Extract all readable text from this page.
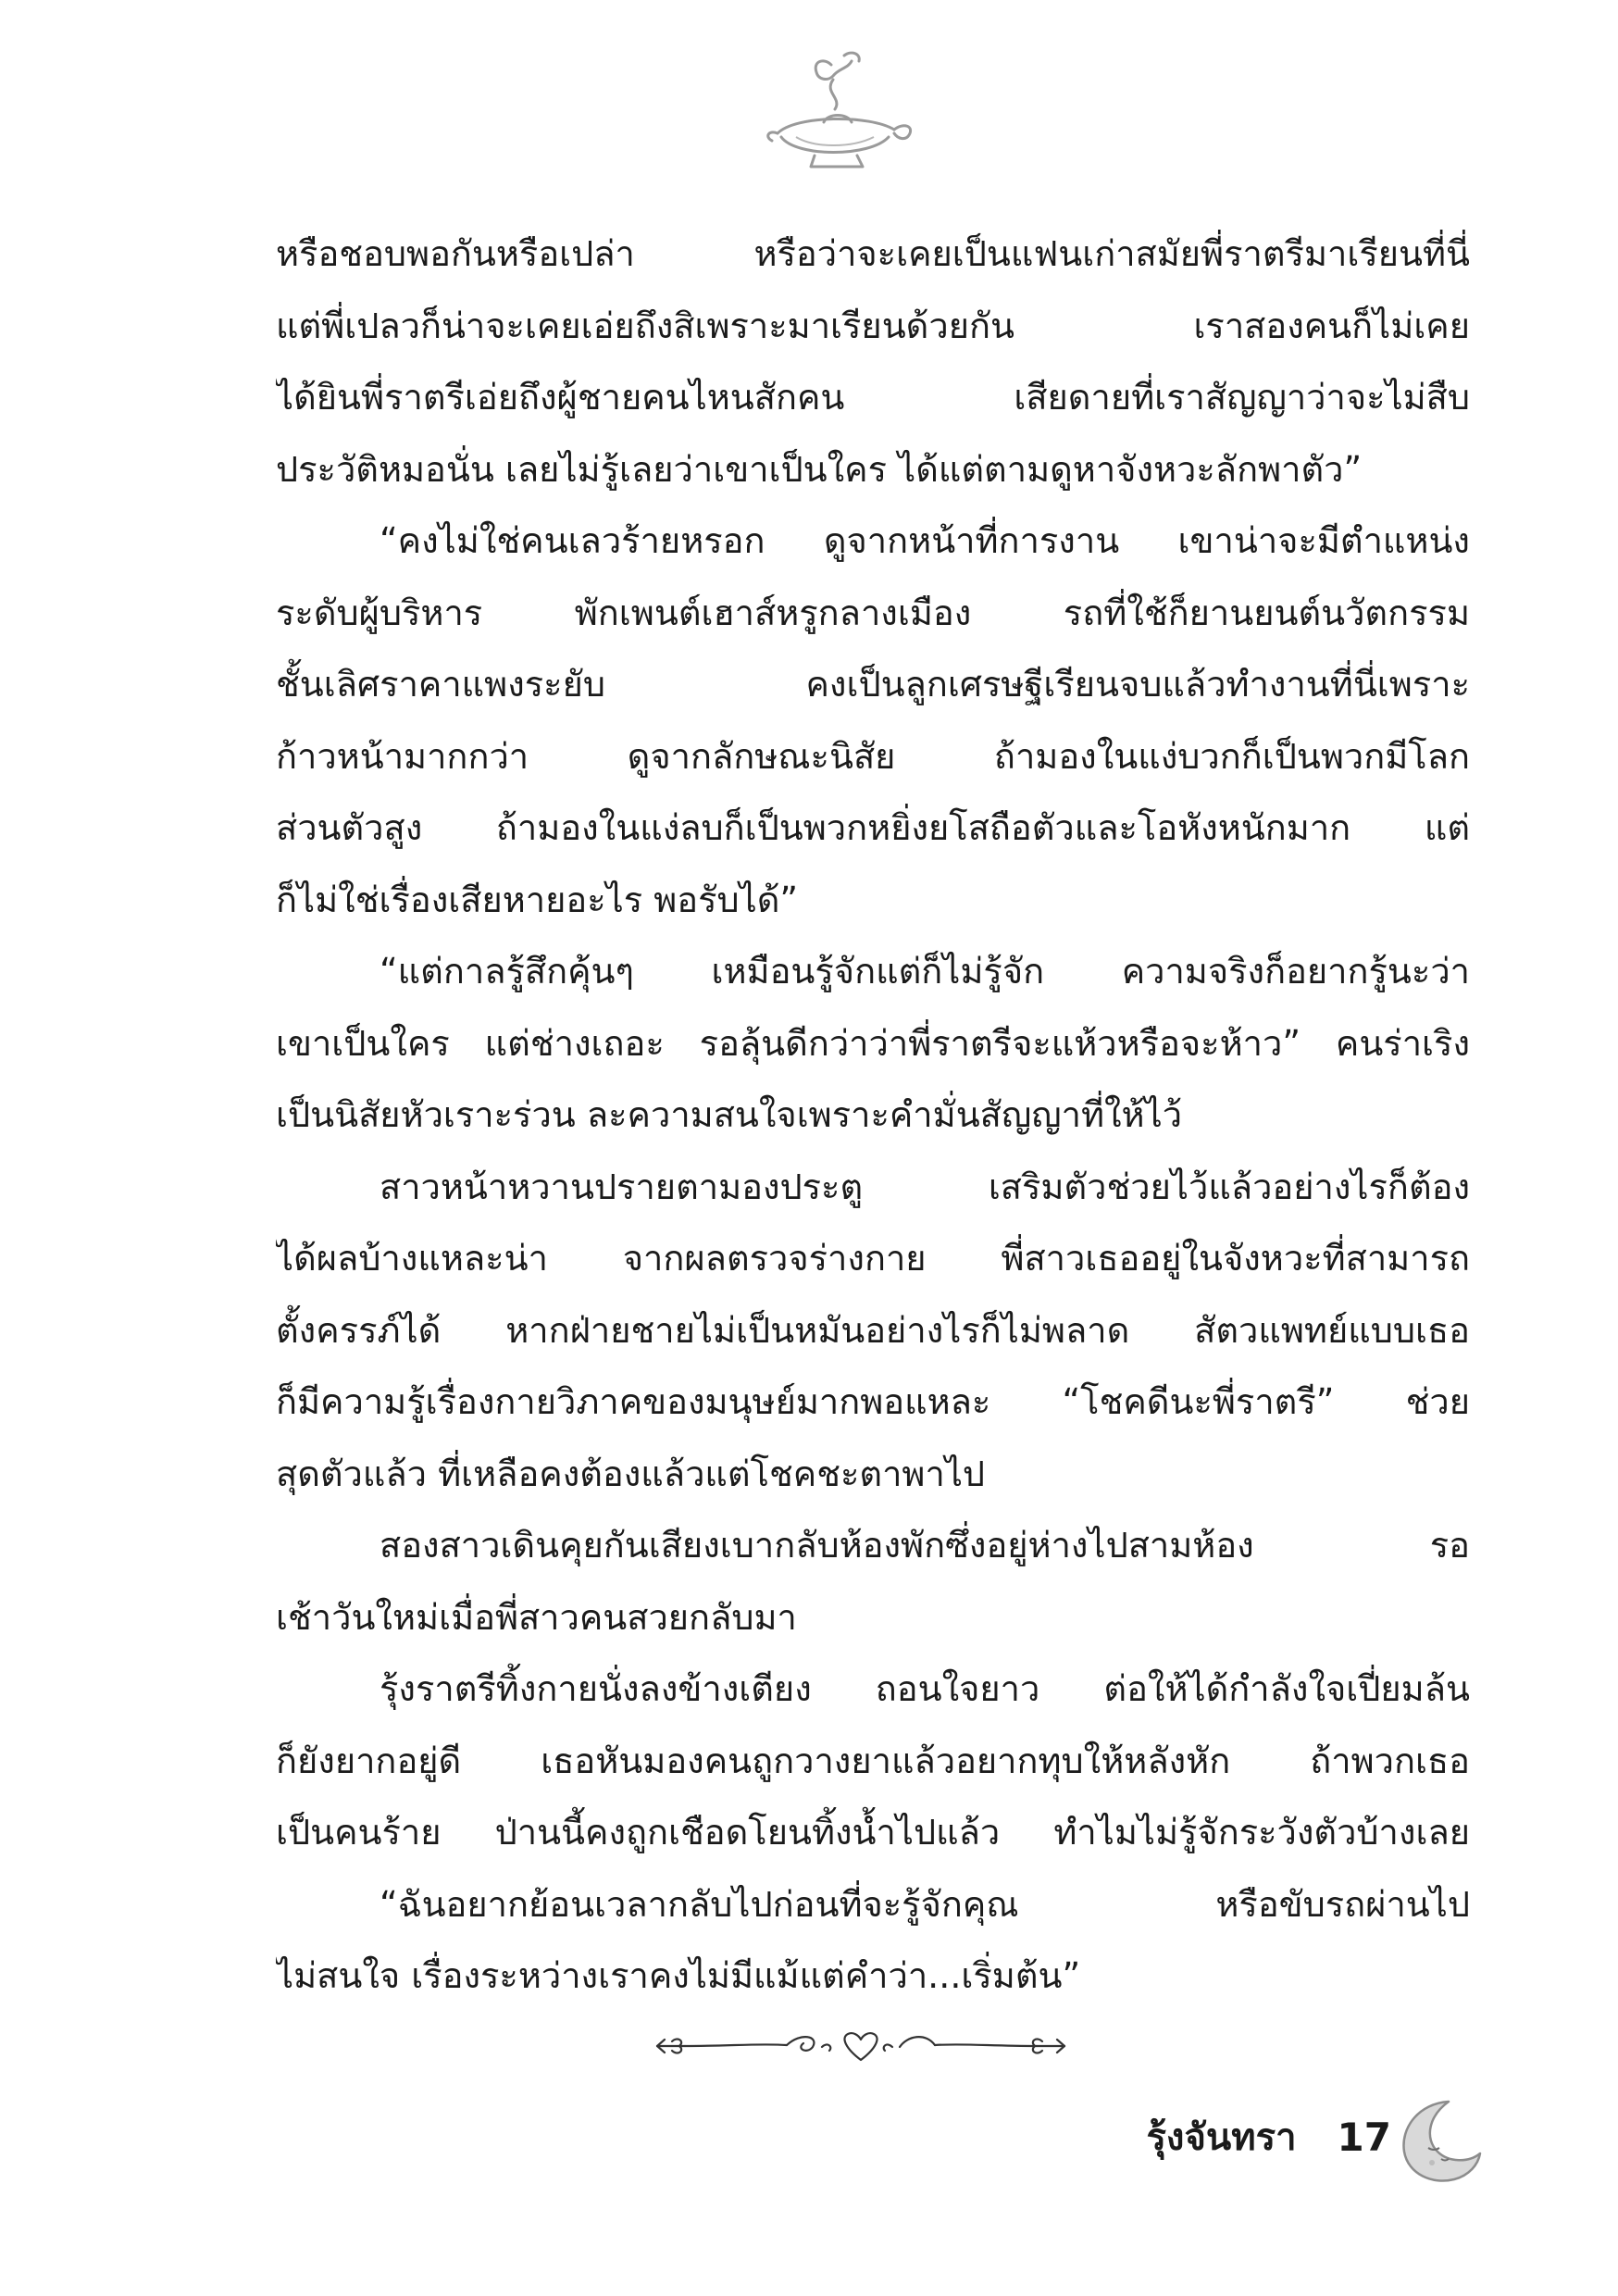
หรือชอบพอกันหรือเปล่า หรือว่าจะเคยเป็นแฟนเก่าสมัยพี่ราตรีมาเรียนที่นี่
แต่พี่เปลวก็น่าจะเคยเอ่ยถึงสิเพราะมาเรียนด้วยกัน เราสองคนก็ไม่เคย
ได้ยินพี่ราตรีเอ่ยถึงผู้ชายคนไหนสักคน เสียดายที่เราสัญญาว่าจะไม่สืบ
ประวัติหมอนั่น เลยไม่รู้เลยว่าเขาเป็นใคร ได้แต่ตามดูหาจังหวะลักพาตัว”
“คงไม่ใช่คนเลวร้ายหรอก ดูจากหน้าที่การงาน เขาน่าจะมีตำแหน่ง
ระดับผู้บริหาร พักเพนต์เฮาส์หรูกลางเมือง รถที่ใช้ก็ยานยนต์นวัตกรรม
ชั้นเลิศราคาแพงระยับ คงเป็นลูกเศรษฐีเรียนจบแล้วทำงานที่นี่เพราะ
ก้าวหน้ามากกว่า ดูจากลักษณะนิสัย ถ้ามองในแง่บวกก็เป็นพวกมีโลก
ส่วนตัวสูง ถ้ามองในแง่ลบก็เป็นพวกหยิ่งยโสถือตัวและโอหังหนักมาก แต่
ก็ไม่ใช่เรื่องเสียหายอะไร พอรับได้”
“แต่กาลรู้สึกคุ้นๆ เหมือนรู้จักแต่ก็ไม่รู้จัก ความจริงก็อยากรู้นะว่า
เขาเป็นใคร แต่ช่างเถอะ รอลุ้นดีกว่าว่าพี่ราตรีจะแห้วหรือจะห้าว” คนร่าเริง
เป็นนิสัยหัวเราะร่วน ละความสนใจเพราะคำมั่นสัญญาที่ให้ไว้
สาวหน้าหวานปรายตามองประตู เสริมตัวช่วยไว้แล้วอย่างไรก็ต้อง
ได้ผลบ้างแหละน่า จากผลตรวจร่างกาย พี่สาวเธออยู่ในจังหวะที่สามารถ
ตั้งครรภ์ได้ หากฝ่ายชายไม่เป็นหมันอย่างไรก็ไม่พลาด สัตวแพทย์แบบเธอ
ก็มีความรู้เรื่องกายวิภาคของมนุษย์มากพอแหละ “โชคดีนะพี่ราตรี” ช่วย
สุดตัวแล้ว ที่เหลือคงต้องแล้วแต่โชคชะตาพาไป
สองสาวเดินคุยกันเสียงเบากลับห้องพักซึ่งอยู่ห่างไปสามห้อง รอ
เช้าวันใหม่เมื่อพี่สาวคนสวยกลับมา
รุ้งราตรีทิ้งกายนั่งลงข้างเตียง ถอนใจยาว ต่อให้ได้กำลังใจเปี่ยมล้น
ก็ยังยากอยู่ดี เธอหันมองคนถูกวางยาแล้วอยากทุบให้หลังหัก ถ้าพวกเธอ
เป็นคนร้าย ป่านนี้คงถูกเชือดโยนทิ้งน้ำไปแล้ว ทำไมไม่รู้จักระวังตัวบ้างเลย
“ฉันอยากย้อนเวลากลับไปก่อนที่จะรู้จักคุณ หรือขับรถผ่านไป
ไม่สนใจ เรื่องระหว่างเราคงไม่มีแม้แต่คำว่า...เริ่มต้น”
รุ้งจันทรา 17
